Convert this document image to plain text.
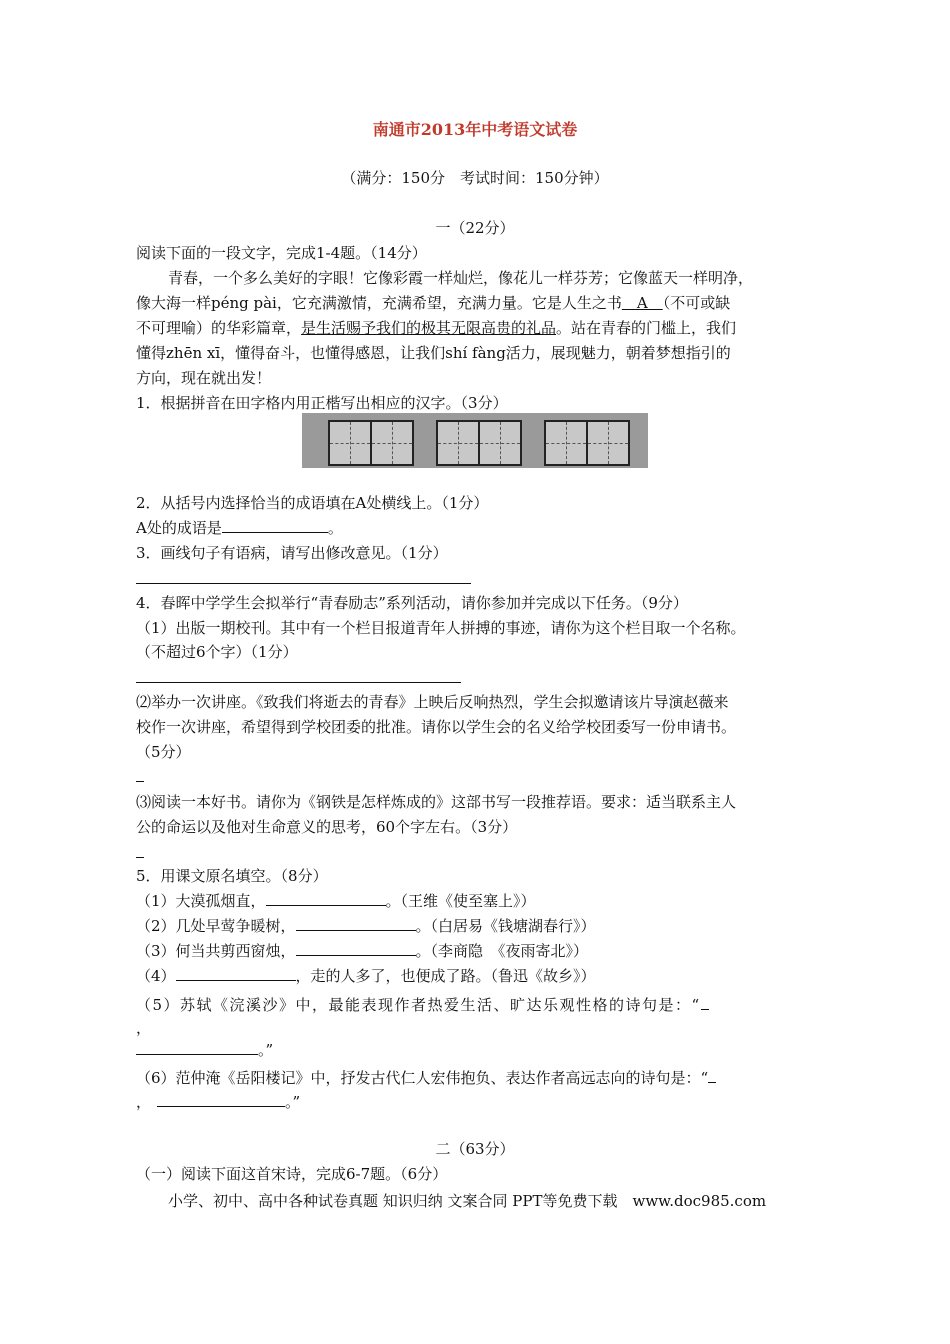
南通市2013年中考语文试卷
（满分：150分　考试时间：150分钟）
一（22分）
阅读下面的一段文字，完成1-4题。（14分）
青春，一个多么美好的字眼！它像彩霞一样灿烂，像花儿一样芬芳；它像蓝天一样明净，
像大海一样péng pài，它充满激情，充满希望，充满力量。它是人生之书　A　（不可或缺
不可理喻）的华彩篇章，是生活赐予我们的极其无限高贵的礼品。站在青春的门槛上，我们
懂得zhēn xī，懂得奋斗，也懂得感恩，让我们shí fàng活力，展现魅力，朝着梦想指引的
方向，现在就出发！
1．根据拼音在田字格内用正楷写出相应的汉字。（3分）
2．从括号内选择恰当的成语填在A处横线上。（1分）
A处的成语是	。
3．画线句子有语病，请写出修改意见。（1分）
4．春晖中学学生会拟举行“青春励志”系列活动，请你参加并完成以下任务。（9分）
（1）出版一期校刊。其中有一个栏目报道青年人拼搏的事迹，请你为这个栏目取一个名称。
（不超过6个字）（1分）
⑵举办一次讲座。《致我们将逝去的青春》上映后反响热烈，学生会拟邀请该片导演赵薇来
校作一次讲座，希望得到学校团委的批准。请你以学生会的名义给学校团委写一份申请书。
（5分）
⑶阅读一本好书。请你为《钢铁是怎样炼成的》这部书写一段推荐语。要求：适当联系主人
公的命运以及他对生命意义的思考，60个字左右。（3分）
5．用课文原名填空。（8分）
（1）大漠孤烟直，	。（王维《使至塞上》）
（2）几处早莺争暖树，	。（白居易《钱塘湖春行》）
（3）何当共剪西窗烛，	。（李商隐　《夜雨寄北》）
（4）	，走的人多了，也便成了路。（鲁迅《故乡》）
（5）苏轼《浣溪沙》中，最能表现作者热爱生活、旷达乐观性格的诗句是：“
，
。”
（6）范仲淹《岳阳楼记》中，抒发古代仁人宏伟抱负、表达作者高远志向的诗句是：“
，	。”
二（63分）
（一）阅读下面这首宋诗，完成6-7题。（6分）
小学、初中、高中各种试卷真题 知识归纳 文案合同 PPT等免费下载　www.doc985.com
